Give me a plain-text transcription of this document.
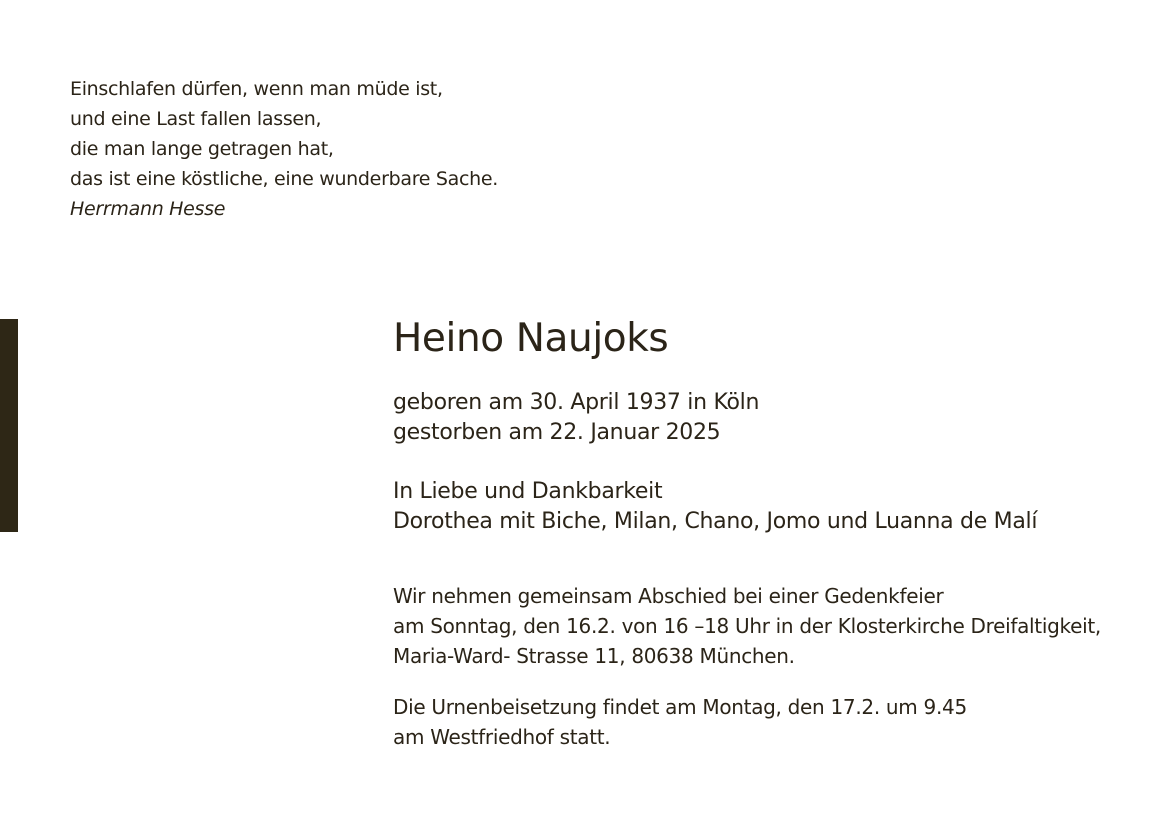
Einschlafen dürfen, wenn man müde ist,
und eine Last fallen lassen,
die man lange getragen hat,
das ist eine köstliche, eine wunderbare Sache.
Herrmann Hesse
Heino Naujoks
geboren am 30. April 1937 in Köln
gestorben am 22. Januar 2025
In Liebe und Dankbarkeit
Dorothea mit Biche, Milan, Chano, Jomo und Luanna de Malí
Wir nehmen gemeinsam Abschied bei einer Gedenkfeier
am Sonntag, den 16.2. von 16 –18 Uhr in der Klosterkirche Dreifaltigkeit,
Maria-Ward- Strasse 11, 80638 München.
Die Urnenbeisetzung findet am Montag, den 17.2. um 9.45
am Westfriedhof statt.
